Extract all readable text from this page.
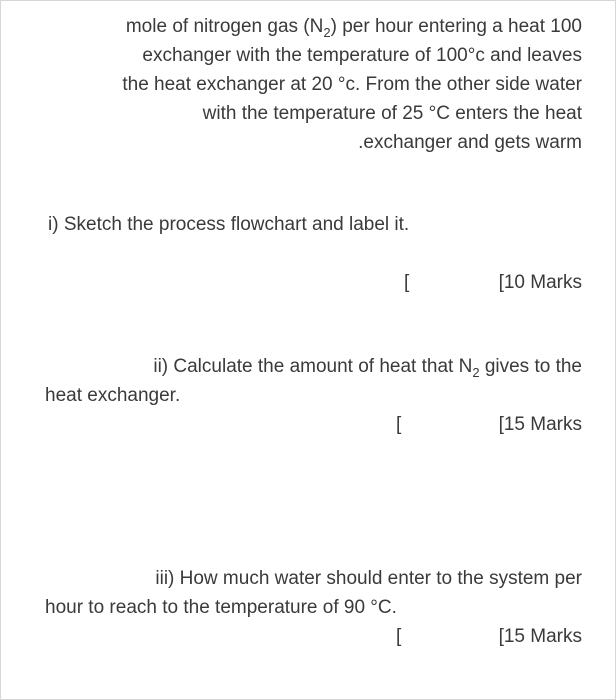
mole of nitrogen gas $(N_2)$ per hour entering a heat 100
exchanger with the temperature of 100°c and leaves
the heat exchanger at 20 °c. From the other side water
with the temperature of 25 °C enters the heat
.exchanger and gets warm
i) Sketch the process flowchart and label it.
[	[10 Marks
ii) Calculate the amount of heat that $N_2$ gives to the
heat exchanger.
[	[15 Marks
iii) How much water should enter to the system per
hour to reach to the temperature of 90 °C.
[	[15 Marks
